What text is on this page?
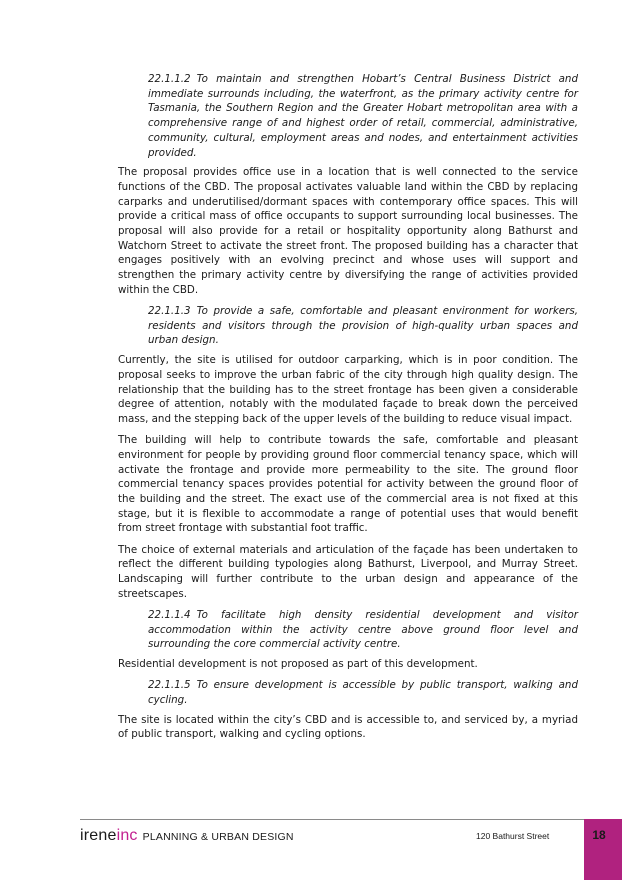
22.1.1.2 To maintain and strengthen Hobart’s Central Business District and immediate surrounds including, the waterfront, as the primary activity centre for Tasmania, the Southern Region and the Greater Hobart metropolitan area with a comprehensive range of and highest order of retail, commercial, administrative, community, cultural, employment areas and nodes, and entertainment activities provided.

The proposal provides office use in a location that is well connected to the service functions of the CBD. The proposal activates valuable land within the CBD by replacing carparks and underutilised/dormant spaces with contemporary office spaces. This will provide a critical mass of office occupants to support surrounding local businesses. The proposal will also provide for a retail or hospitality opportunity along Bathurst and Watchorn Street to activate the street front. The proposed building has a character that engages positively with an evolving precinct and whose uses will support and strengthen the primary activity centre by diversifying the range of activities provided within the CBD.

22.1.1.3 To provide a safe, comfortable and pleasant environment for workers, residents and visitors through the provision of high-quality urban spaces and urban design.

Currently, the site is utilised for outdoor carparking, which is in poor condition. The proposal seeks to improve the urban fabric of the city through high quality design. The relationship that the building has to the street frontage has been given a considerable degree of attention, notably with the modulated façade to break down the perceived mass, and the stepping back of the upper levels of the building to reduce visual impact.

The building will help to contribute towards the safe, comfortable and pleasant environment for people by providing ground floor commercial tenancy space, which will activate the frontage and provide more permeability to the site. The ground floor commercial tenancy spaces provides potential for activity between the ground floor of the building and the street. The exact use of the commercial area is not fixed at this stage, but it is flexible to accommodate a range of potential uses that would benefit from street frontage with substantial foot traffic.

The choice of external materials and articulation of the façade has been undertaken to reflect the different building typologies along Bathurst, Liverpool, and Murray Street. Landscaping will further contribute to the urban design and appearance of the streetscapes.

22.1.1.4 To facilitate high density residential development and visitor accommodation within the activity centre above ground floor level and surrounding the core commercial activity centre.

Residential development is not proposed as part of this development.

22.1.1.5 To ensure development is accessible by public transport, walking and cycling.

The site is located within the city’s CBD and is accessible to, and serviced by, a myriad of public transport, walking and cycling options.

ireneinc PLANNING & URBAN DESIGN	120 Bathurst Street	18
